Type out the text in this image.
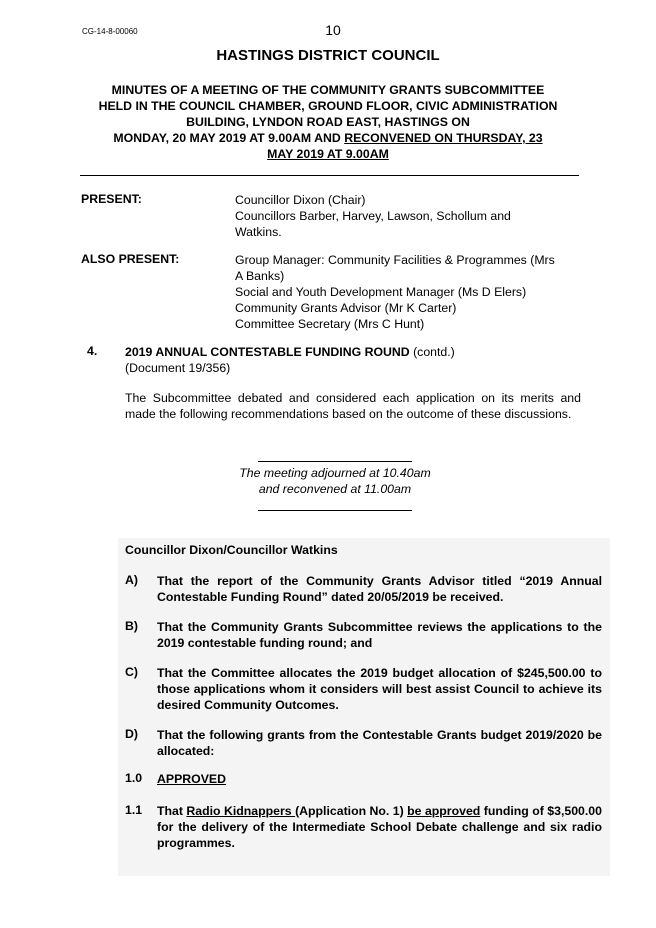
CG-14-8-00060	10
HASTINGS DISTRICT COUNCIL
MINUTES OF A MEETING OF THE COMMUNITY GRANTS SUBCOMMITTEE
HELD IN THE COUNCIL CHAMBER, GROUND FLOOR, CIVIC ADMINISTRATION
BUILDING, LYNDON ROAD EAST, HASTINGS ON
MONDAY, 20 MAY 2019 AT 9.00AM AND RECONVENED ON THURSDAY, 23
MAY 2019 AT 9.00AM
PRESENT:	Councillor Dixon (Chair)
Councillors Barber, Harvey, Lawson, Schollum and
Watkins.
ALSO PRESENT:	Group Manager: Community Facilities & Programmes (Mrs
A Banks)
Social and Youth Development Manager (Ms D Elers)
Community Grants Advisor (Mr K Carter)
Committee Secretary (Mrs C Hunt)
4. 2019 ANNUAL CONTESTABLE FUNDING ROUND (contd.)
(Document 19/356)
The Subcommittee debated and considered each application on its merits and made the following recommendations based on the outcome of these discussions.
The meeting adjourned at 10.40am
and reconvened at 11.00am
Councillor Dixon/Councillor Watkins
A) That the report of the Community Grants Advisor titled “2019 Annual Contestable Funding Round” dated 20/05/2019 be received.
B) That the Community Grants Subcommittee reviews the applications to the 2019 contestable funding round; and
C) That the Committee allocates the 2019 budget allocation of $245,500.00 to those applications whom it considers will best assist Council to achieve its desired Community Outcomes.
D) That the following grants from the Contestable Grants budget 2019/2020 be allocated:
1.0 APPROVED
1.1 That Radio Kidnappers (Application No. 1) be approved funding of $3,500.00 for the delivery of the Intermediate School Debate challenge and six radio programmes.
